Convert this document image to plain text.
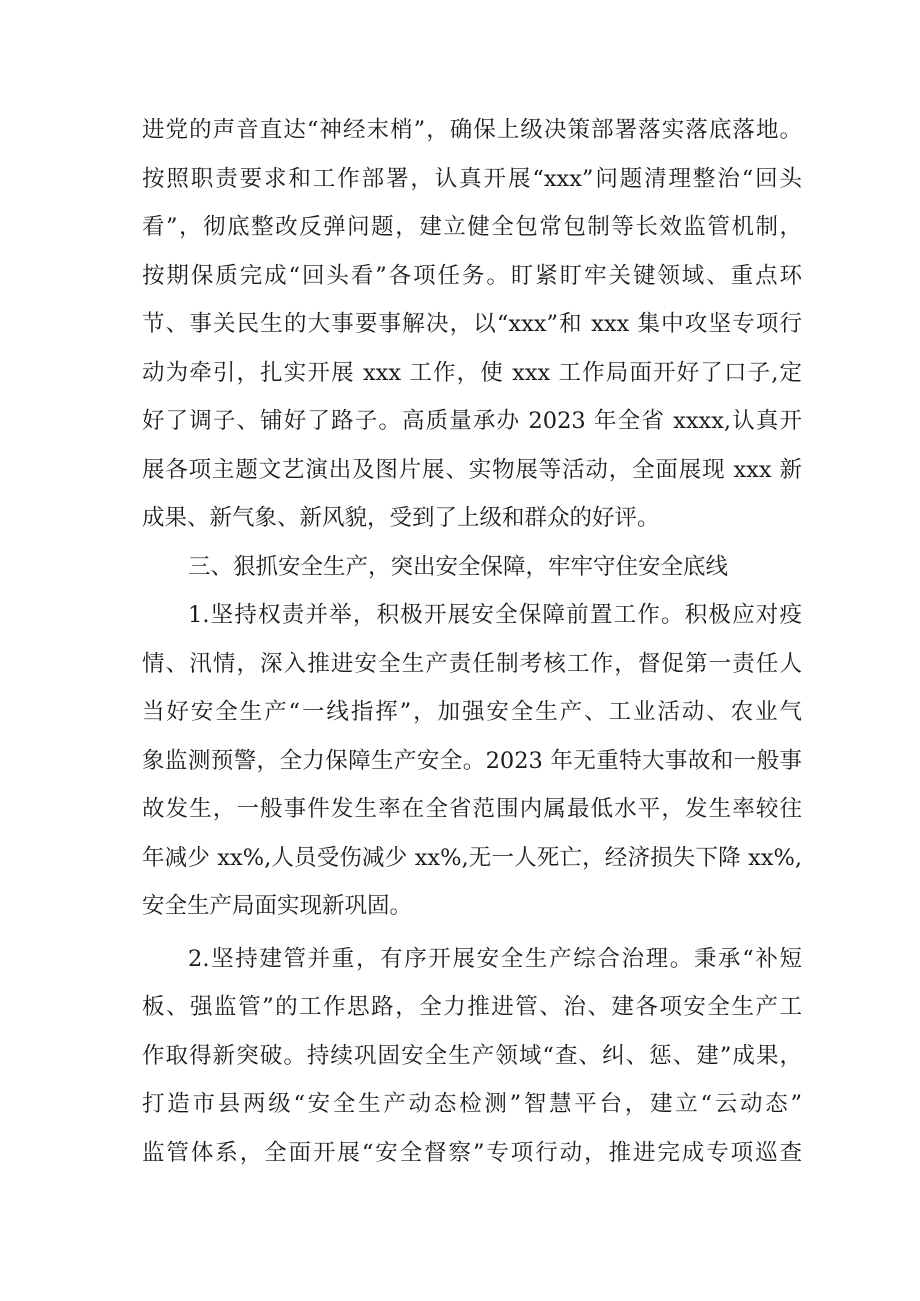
进党的声音直达“神经末梢”，确保上级决策部署落实落底落地。
按照职责要求和工作部署，认真开展“xxx”问题清理整治“回头
看”，彻底整改反弹问题，建立健全包常包制等长效监管机制，
按期保质完成“回头看”各项任务。盯紧盯牢关键领域、重点环
节、事关民生的大事要事解决，以“xxx”和 xxx 集中攻坚专项行
动为牵引，扎实开展 xxx 工作，使 xxx 工作局面开好了口子,定
好了调子、铺好了路子。高质量承办 2023 年全省 xxxx,认真开
展各项主题文艺演出及图片展、实物展等活动，全面展现 xxx 新
成果、新气象、新风貌，受到了上级和群众的好评。
三、狠抓安全生产，突出安全保障，牢牢守住安全底线
1.坚持权责并举，积极开展安全保障前置工作。积极应对疫
情、汛情，深入推进安全生产责任制考核工作，督促第一责任人
当好安全生产“一线指挥”，加强安全生产、工业活动、农业气
象监测预警，全力保障生产安全。2023 年无重特大事故和一般事
故发生，一般事件发生率在全省范围内属最低水平，发生率较往
年减少 xx%,人员受伤减少 xx%,无一人死亡，经济损失下降 xx%,
安全生产局面实现新巩固。
2.坚持建管并重，有序开展安全生产综合治理。秉承“补短
板、强监管”的工作思路，全力推进管、治、建各项安全生产工
作取得新突破。持续巩固安全生产领域“查、纠、惩、建”成果，
打造市县两级“安全生产动态检测”智慧平台，建立“云动态”
监管体系，全面开展“安全督察”专项行动，推进完成专项巡查
